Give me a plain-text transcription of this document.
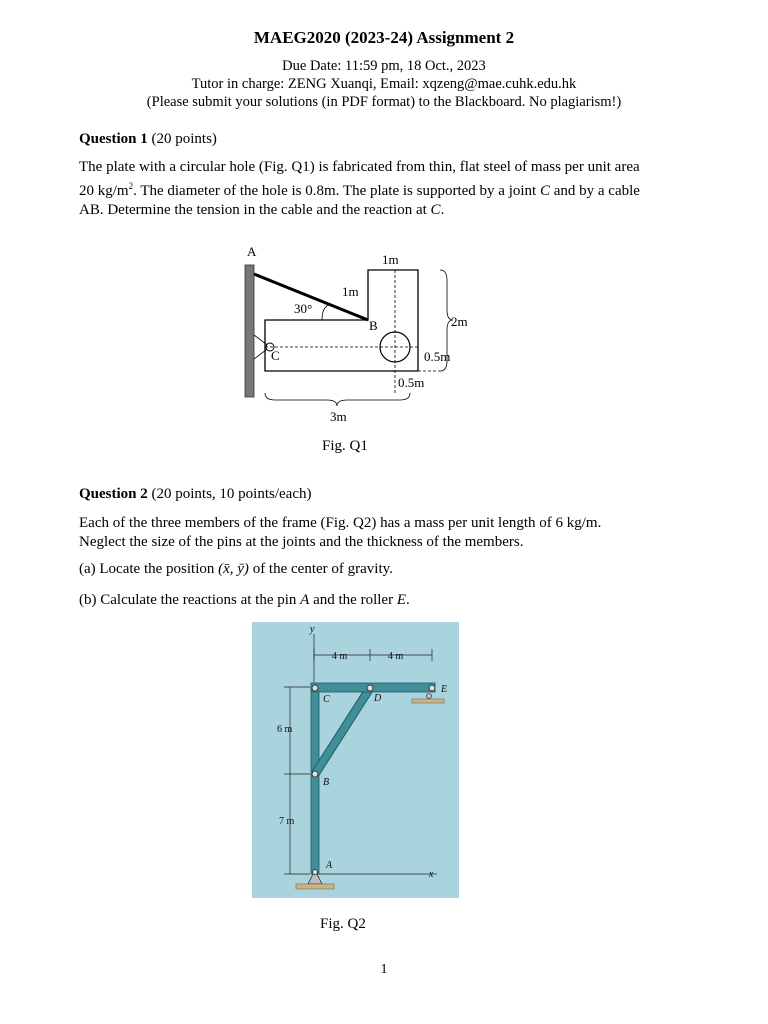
MAEG2020 (2023-24) Assignment 2
Due Date: 11:59 pm, 18 Oct., 2023
Tutor in charge: ZENG Xuanqi, Email: xqzeng@mae.cuhk.edu.hk
(Please submit your solutions (in PDF format) to the Blackboard. No plagiarism!)
Question 1 (20 points)
The plate with a circular hole (Fig. Q1) is fabricated from thin, flat steel of mass per unit area
20 $kg/m^2$. The diameter of the hole is 0.8m. The plate is supported by a joint C and by a cable
AB. Determine the tension in the cable and the reaction at C.
A
B
C
30°
1m
1m
2m
0.5m
0.5m
3m
Fig. Q1
Question 2 (20 points, 10 points/each)
Each of the three members of the frame (Fig. Q2) has a mass per unit length of 6 kg/m.
Neglect the size of the pins at the joints and the thickness of the members.
(a) Locate the position (x̄, ȳ) of the center of gravity.
(b) Calculate the reactions at the pin A and the roller E.
y
x
4 m	4 m
6 m
7 m
C	D
E
B
A
Fig. Q2
1
